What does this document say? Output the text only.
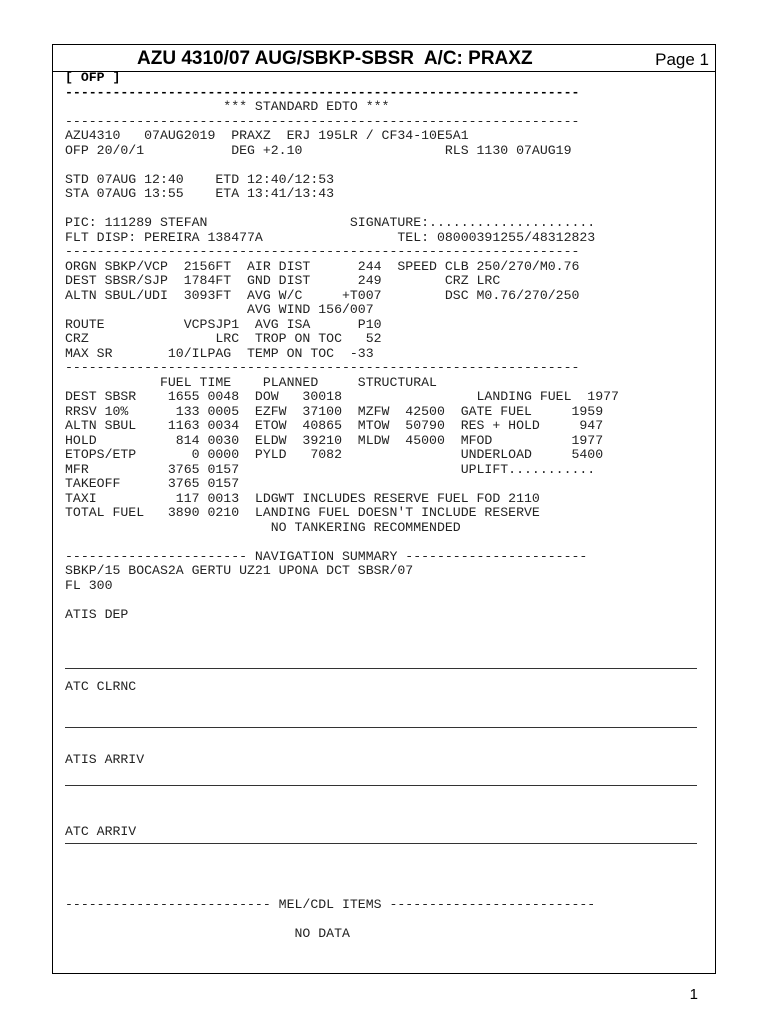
AZU 4310/07 AUG/SBKP-SBSR  A/C: PRAXZ	Page 1
[ OFP ]
-----------------------------------------------------------------
*** STANDARD EDTO ***
-----------------------------------------------------------------
AZU4310   07AUG2019  PRAXZ  ERJ 195LR / CF34-10E5A1
OFP 20/0/1           DEG +2.10                  RLS 1130 07AUG19

STD 07AUG 12:40    ETD 12:40/12:53
STA 07AUG 13:55    ETA 13:41/13:43

PIC: 111289 STEFAN                  SIGNATURE:.....................
FLT DISP: PEREIRA 138477A                 TEL: 08000391255/48312823
-----------------------------------------------------------------
ORGN SBKP/VCP  2156FT  AIR DIST      244  SPEED CLB 250/270/M0.76
DEST SBSR/SJP  1784FT  GND DIST      249        CRZ LRC
ALTN SBUL/UDI  3093FT  AVG W/C     +T007        DSC M0.76/270/250
AVG WIND 156/007
ROUTE          VCPSJP1  AVG ISA      P10
CRZ                LRC  TROP ON TOC   52
MAX SR       10/ILPAG  TEMP ON TOC  -33
-----------------------------------------------------------------
FUEL TIME    PLANNED     STRUCTURAL
DEST SBSR    1655 0048  DOW   30018                 LANDING FUEL  1977
RRSV 10%      133 0005  EZFW  37100  MZFW  42500  GATE FUEL     1959
ALTN SBUL    1163 0034  ETOW  40865  MTOW  50790  RES + HOLD     947
HOLD          814 0030  ELDW  39210  MLDW  45000  MFOD          1977
ETOPS/ETP       0 0000  PYLD   7082               UNDERLOAD     5400
MFR          3765 0157                            UPLIFT...........
TAKEOFF      3765 0157
TAXI          117 0013  LDGWT INCLUDES RESERVE FUEL FOD 2110
TOTAL FUEL   3890 0210  LANDING FUEL DOESN'T INCLUDE RESERVE
NO TANKERING RECOMMENDED

----------------------- NAVIGATION SUMMARY -----------------------
SBKP/15 BOCAS2A GERTU UZ21 UPONA DCT SBSR/07
FL 300

ATIS DEP

ATC CLRNC

ATIS ARRIV

ATC ARRIV

-------------------------- MEL/CDL ITEMS --------------------------

NO DATA
1
